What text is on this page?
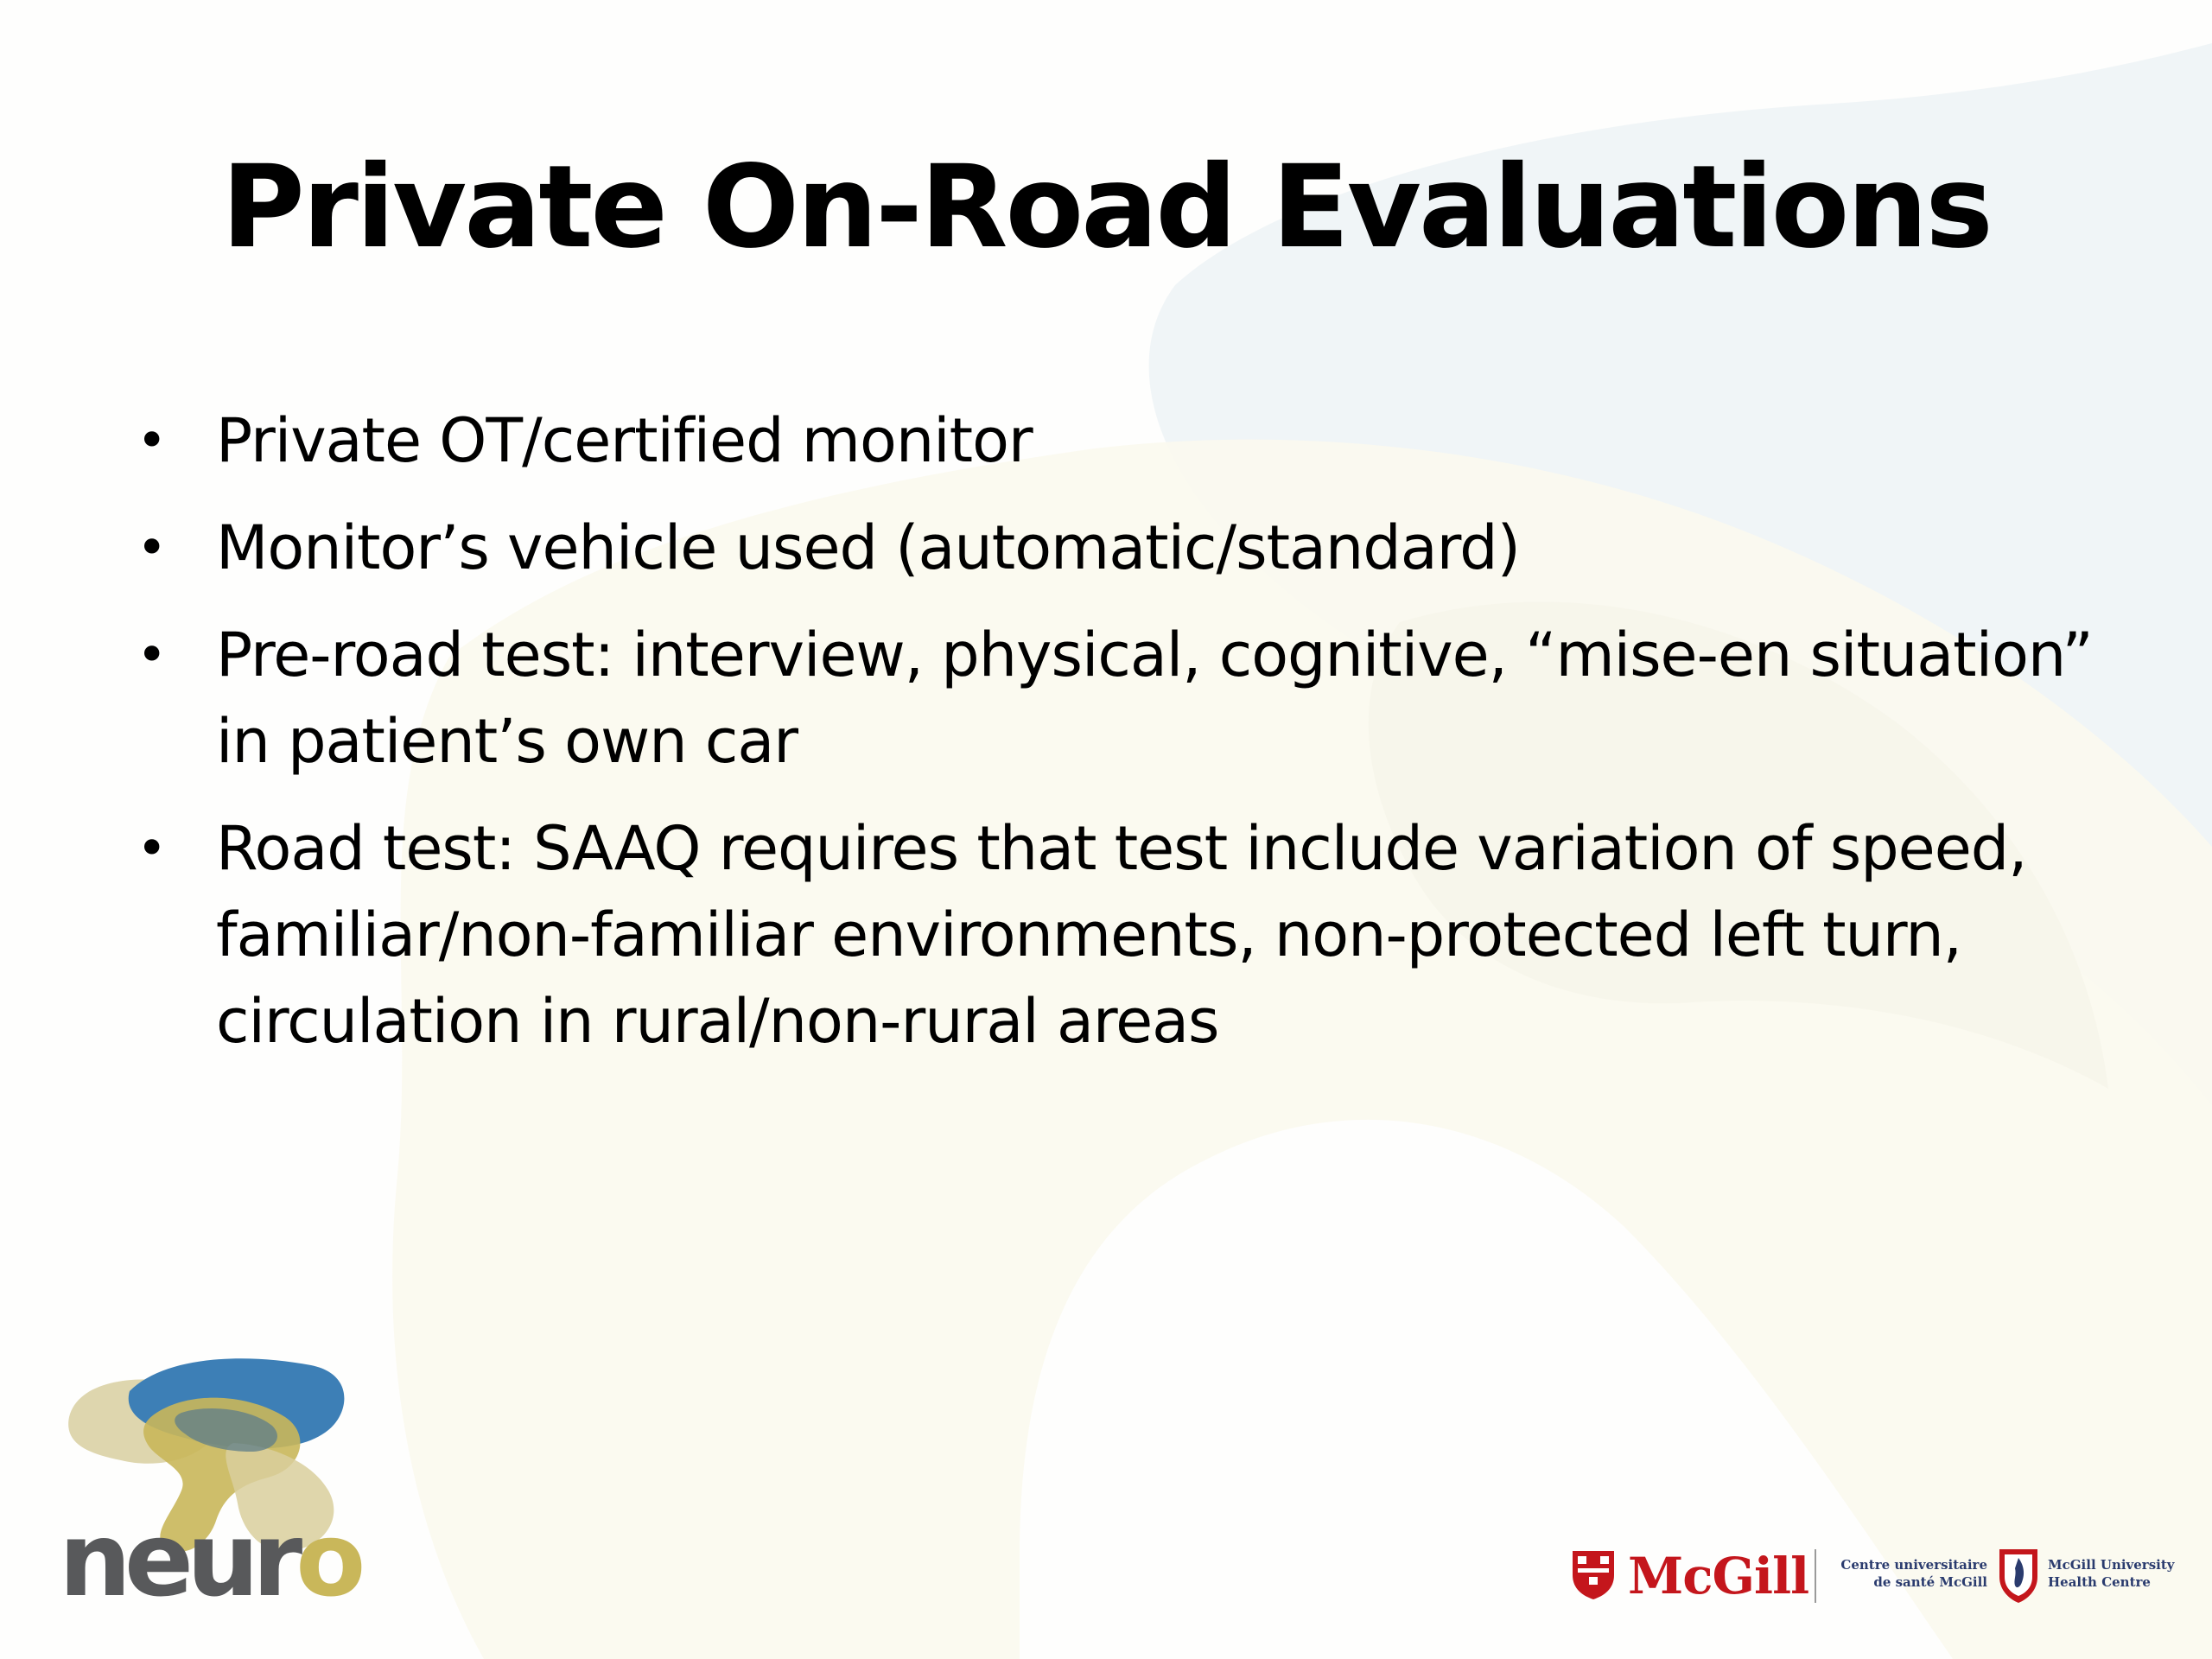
Private On-Road Evaluations
• Private OT/certified monitor
• Monitor’s vehicle used (automatic/standard)
• Pre-road test: interview, physical, cognitive, “mise-en situation” in patient’s own car
• Road test: SAAQ requires that test include variation of speed, familiar/non-familiar environments, non-protected left turn, circulation in rural/non-rural areas
neuro	McGill	Centre universitaire
de santé McGill
McGill University
Health Centre
